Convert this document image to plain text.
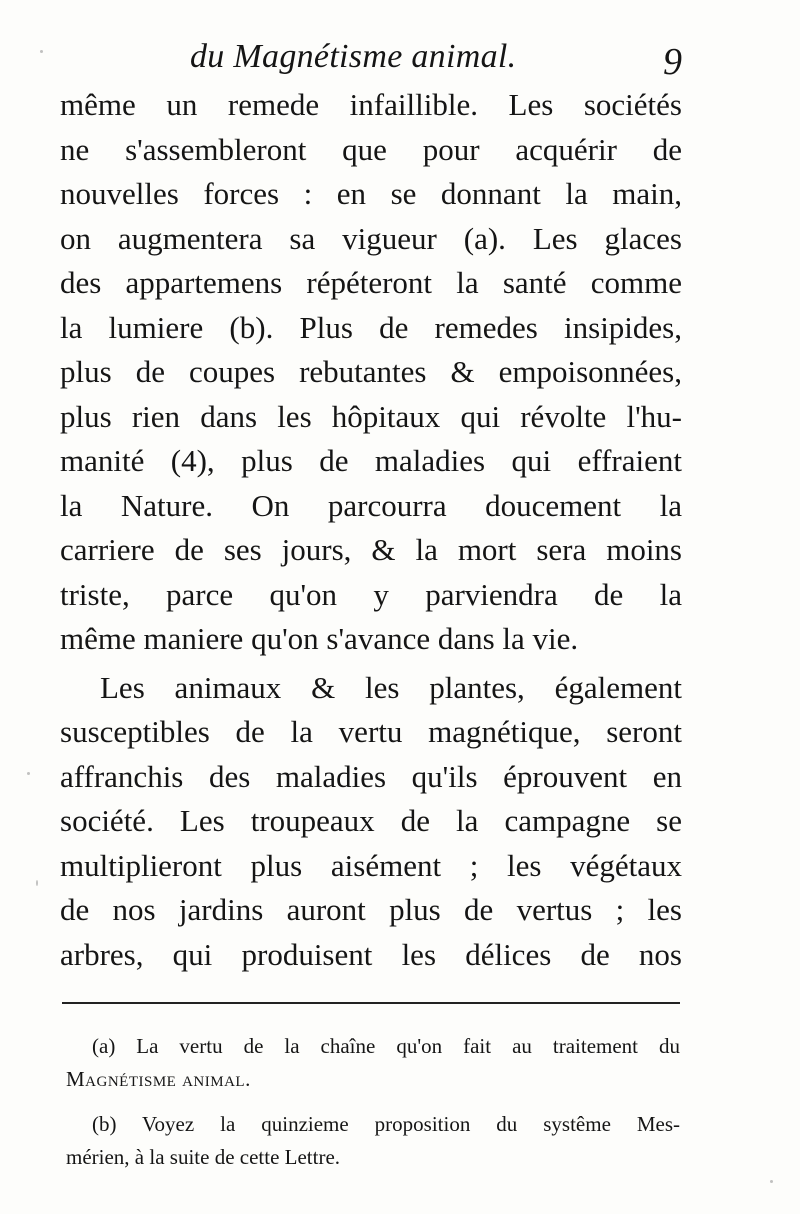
du Magnétisme animal.	9
même un remede infaillible. Les sociétés
ne s'assembleront que pour acquérir de
nouvelles forces : en se donnant la main,
on augmentera sa vigueur (a). Les glaces
des appartemens répéteront la santé comme
la lumiere (b). Plus de remedes insipides,
plus de coupes rebutantes & empoisonnées,
plus rien dans les hôpitaux qui révolte l'hu-
manité (4), plus de maladies qui effraient
la Nature. On parcourra doucement la
carriere de ses jours, & la mort sera moins
triste, parce qu'on y parviendra de la
même maniere qu'on s'avance dans la vie.
Les animaux & les plantes, également
susceptibles de la vertu magnétique, seront
affranchis des maladies qu'ils éprouvent en
société. Les troupeaux de la campagne se
multiplieront plus aisément ; les végétaux
de nos jardins auront plus de vertus ; les
arbres, qui produisent les délices de nos
(a) La vertu de la chaîne qu'on fait au traitement du
Magnétisme animal.
(b) Voyez la quinzieme proposition du systême Mes-
mérien, à la suite de cette Lettre.
